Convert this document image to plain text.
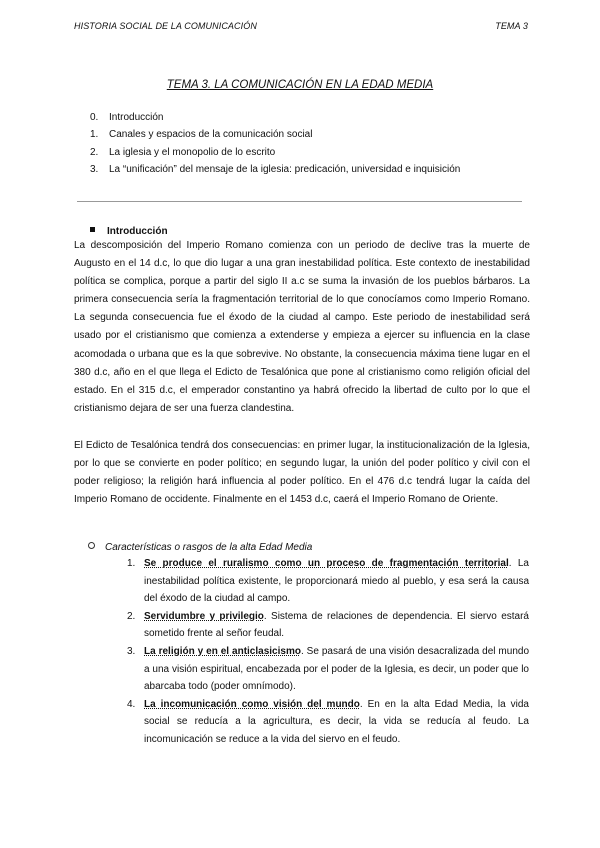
HISTORIA SOCIAL DE LA COMUNICACIÓN	TEMA 3
TEMA 3. LA COMUNICACIÓN EN LA EDAD MEDIA
0. Introducción
1. Canales y espacios de la comunicación social
2. La iglesia y el monopolio de lo escrito
3. La “unificación” del mensaje de la iglesia: predicación, universidad e inquisición
Introducción
La descomposición del Imperio Romano comienza con un periodo de declive tras la muerte de Augusto en el 14 d.c, lo que dio lugar a una gran inestabilidad política. Este contexto de inestabilidad política se complica, porque a partir del siglo II a.c se suma la invasión de los pueblos bárbaros. La primera consecuencia sería la fragmentación territorial de lo que conocíamos como Imperio Romano. La segunda consecuencia fue el éxodo de la ciudad al campo. Este periodo de inestabilidad será usado por el cristianismo que comienza a extenderse y empieza a ejercer su influencia en la clase acomodada o urbana que es la que sobrevive. No obstante, la consecuencia máxima tiene lugar en el 380 d.c, año en el que llega el Edicto de Tesalónica que pone al cristianismo como religión oficial del estado. En el 315 d.c, el emperador constantino ya habrá ofrecido la libertad de culto por lo que el cristianismo dejara de ser una fuerza clandestina.
El Edicto de Tesalónica tendrá dos consecuencias: en primer lugar, la institucionalización de la Iglesia, por lo que se convierte en poder político; en segundo lugar, la unión del poder político y civil con el poder religioso; la religión hará influencia al poder político. En el 476 d.c tendrá lugar la caída del Imperio Romano de occidente. Finalmente en el 1453 d.c, caerá el Imperio Romano de Oriente.
Características o rasgos de la alta Edad Media
1. Se produce el ruralismo como un proceso de fragmentación territorial. La inestabilidad política existente, le proporcionará miedo al pueblo, y esa será la causa del éxodo de la ciudad al campo.
2. Servidumbre y privilegio. Sistema de relaciones de dependencia. El siervo estará sometido frente al señor feudal.
3. La religión y en el anticlasicismo. Se pasará de una visión desacralizada del mundo a una visión espiritual, encabezada por el poder de la Iglesia, es decir, un poder que lo abarcaba todo (poder omnímodo).
4. La incomunicación como visión del mundo. En en la alta Edad Media, la vida social se reducía a la agricultura, es decir, la vida se reducía al feudo. La incomunicación se reduce a la vida del siervo en el feudo.
